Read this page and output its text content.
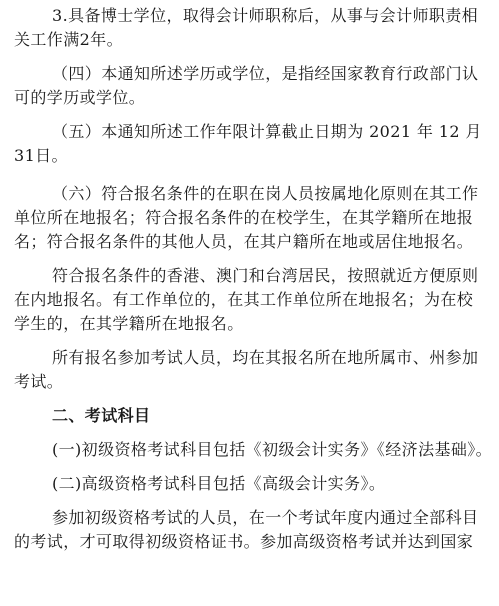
3.具备博士学位，取得会计师职称后，从事与会计师职责相
关工作满2年。
（四）本通知所述学历或学位，是指经国家教育行政部门认
可的学历或学位。
（五）本通知所述工作年限计算截止日期为 2021 年 12 月
31日。
（六）符合报名条件的在职在岗人员按属地化原则在其工作
单位所在地报名；符合报名条件的在校学生，在其学籍所在地报
名；符合报名条件的其他人员，在其户籍所在地或居住地报名。
符合报名条件的香港、澳门和台湾居民，按照就近方便原则
在内地报名。有工作单位的，在其工作单位所在地报名；为在校
学生的，在其学籍所在地报名。
所有报名参加考试人员，均在其报名所在地所属市、州参加
考试。
二、考试科目
(一)初级资格考试科目包括《初级会计实务》《经济法基础》。
(二)高级资格考试科目包括《高级会计实务》。
参加初级资格考试的人员，在一个考试年度内通过全部科目
的考试，才可取得初级资格证书。参加高级资格考试并达到国家
